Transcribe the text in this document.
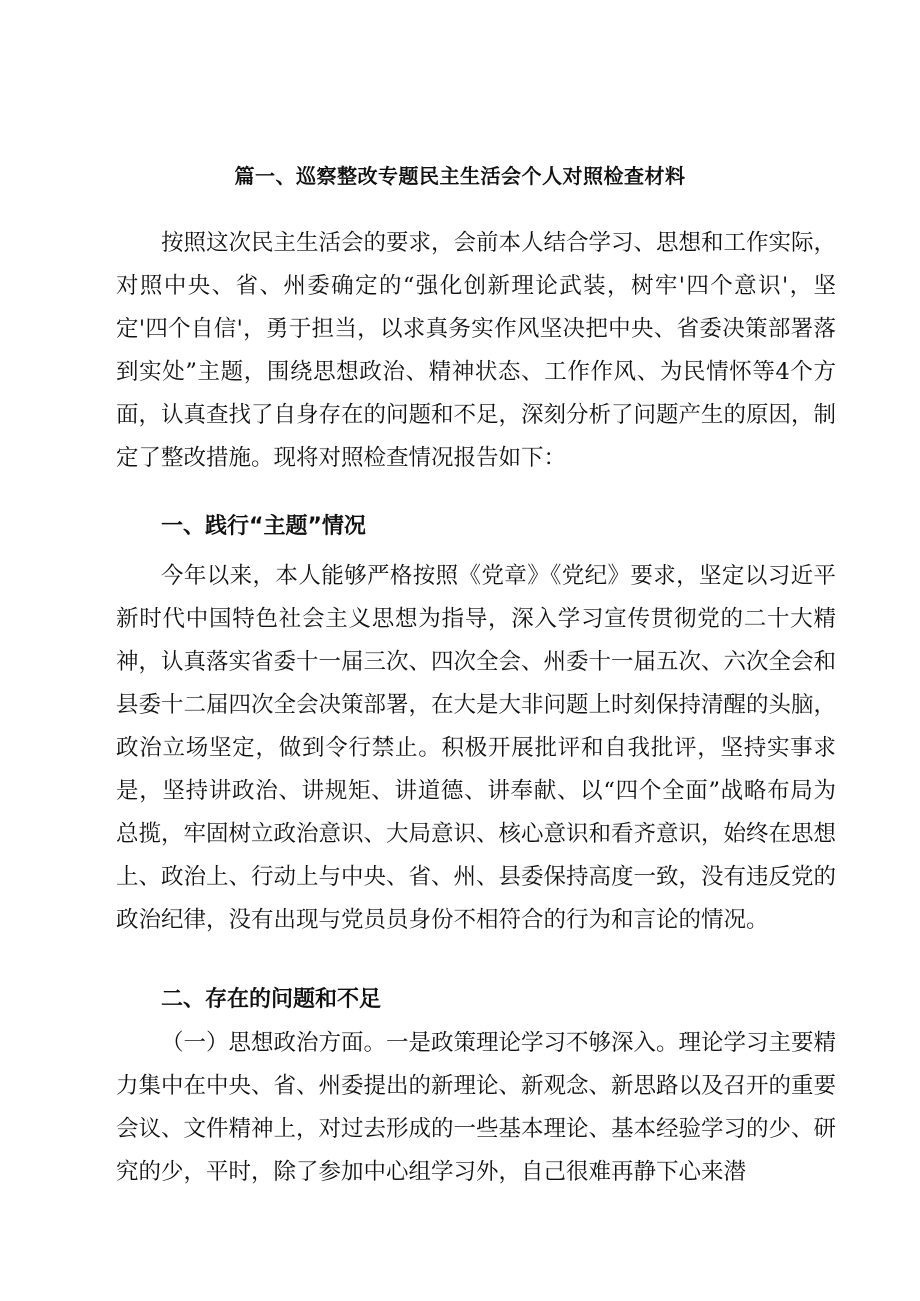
篇一、巡察整改专题民主生活会个人对照检查材料

按照这次民主生活会的要求，会前本人结合学习、思想和工作实际，对照中央、省、州委确定的“强化创新理论武装，树牢'四个意识'，坚定'四个自信'，勇于担当，以求真务实作风坚决把中央、省委决策部署落到实处”主题，围绕思想政治、精神状态、工作作风、为民情怀等4个方面，认真查找了自身存在的问题和不足，深刻分析了问题产生的原因，制定了整改措施。现将对照检查情况报告如下：

一、践行“主题”情况

今年以来，本人能够严格按照《党章》《党纪》要求，坚定以习近平新时代中国特色社会主义思想为指导，深入学习宣传贯彻党的二十大精神，认真落实省委十一届三次、四次全会、州委十一届五次、六次全会和县委十二届四次全会决策部署，在大是大非问题上时刻保持清醒的头脑，政治立场坚定，做到令行禁止。积极开展批评和自我批评，坚持实事求是，坚持讲政治、讲规矩、讲道德、讲奉献、以“四个全面”战略布局为总揽，牢固树立政治意识、大局意识、核心意识和看齐意识，始终在思想上、政治上、行动上与中央、省、州、县委保持高度一致，没有违反党的政治纪律，没有出现与党员员身份不相符合的行为和言论的情况。

二、存在的问题和不足

（一）思想政治方面。一是政策理论学习不够深入。理论学习主要精力集中在中央、省、州委提出的新理论、新观念、新思路以及召开的重要会议、文件精神上，对过去形成的一些基本理论、基本经验学习的少、研究的少，平时，除了参加中心组学习外，自己很难再静下心来潜
